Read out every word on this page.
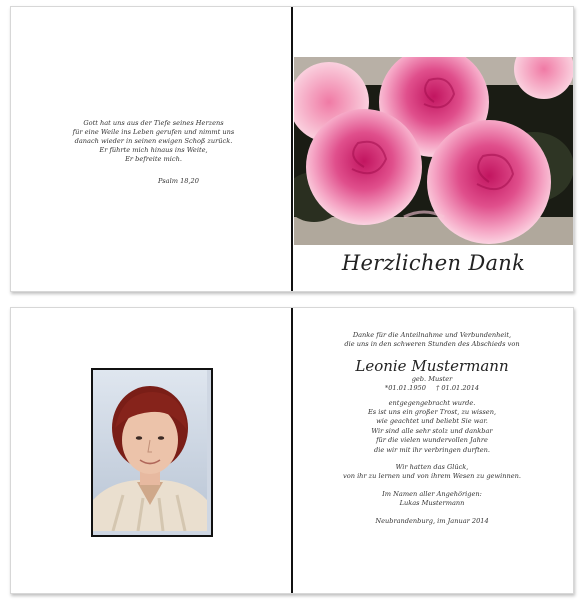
Gott hat uns aus der Tiefe seines Herzens
für eine Weile ins Leben gerufen und nimmt uns
danach wieder in seinen ewigen Schoß zurück.
Er führte mich hinaus ins Weite,
Er befreite mich.
Psalm 18,20
Herzlichen Dank
Danke für die Anteilnahme und Verbundenheit,
die uns in den schweren Stunden des Abschieds von
Leonie Mustermann
geb. Muster
*01.01.1950 † 01.01.2014
entgegengebracht wurde.
Es ist uns ein großer Trost, zu wissen,
wie geachtet und beliebt Sie war.
Wir sind alle sehr stolz und dankbar
für die vielen wundervollen Jahre
die wir mit ihr verbringen durften.
Wir hatten das Glück,
von ihr zu lernen und von ihrem Wesen zu gewinnen.
Im Namen aller Angehörigen:
Lukas Mustermann
Neubrandenburg, im Januar 2014
